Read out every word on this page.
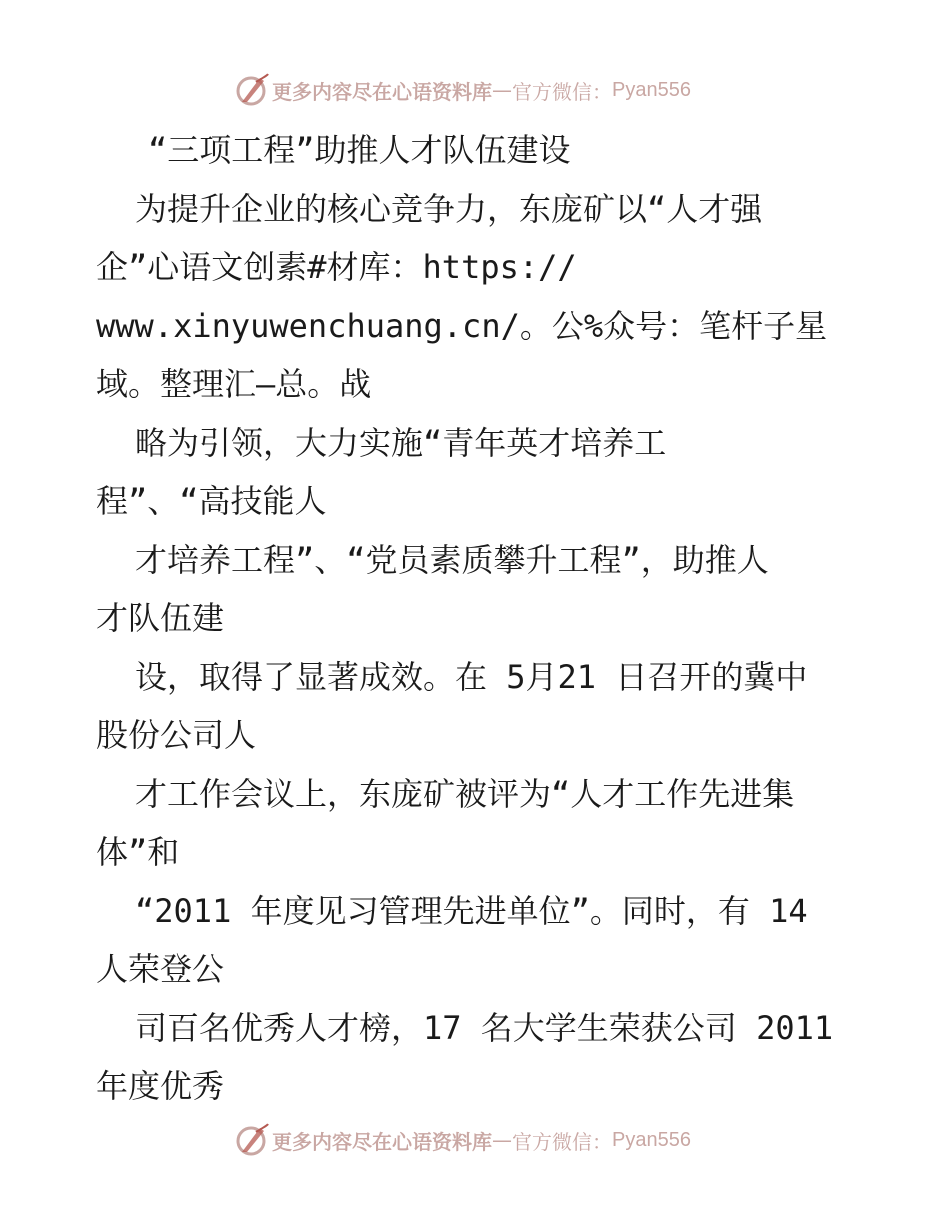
更多内容尽在心语资料库 — 官方微信： Pyan556
“三项工程”助推人才队伍建设
为提升企业的核心竞争力，东庞矿以“人才强
企”心语文创素#材库：https://
www.xinyuwenchuang.cn/。公%众号：笔杆子星
域。整理汇—总。战
略为引领，大力实施“青年英才培养工
程”、“高技能人
才培养工程”、“党员素质攀升工程”，助推人
才队伍建
设，取得了显著成效。在 5月21 日召开的冀中
股份公司人
才工作会议上，东庞矿被评为“人才工作先进集
体”和
“2011 年度见习管理先进单位”。同时，有 14
人荣登公
司百名优秀人才榜，17 名大学生荣获公司 2011
年度优秀
更多内容尽在心语资料库 — 官方微信： Pyan556
